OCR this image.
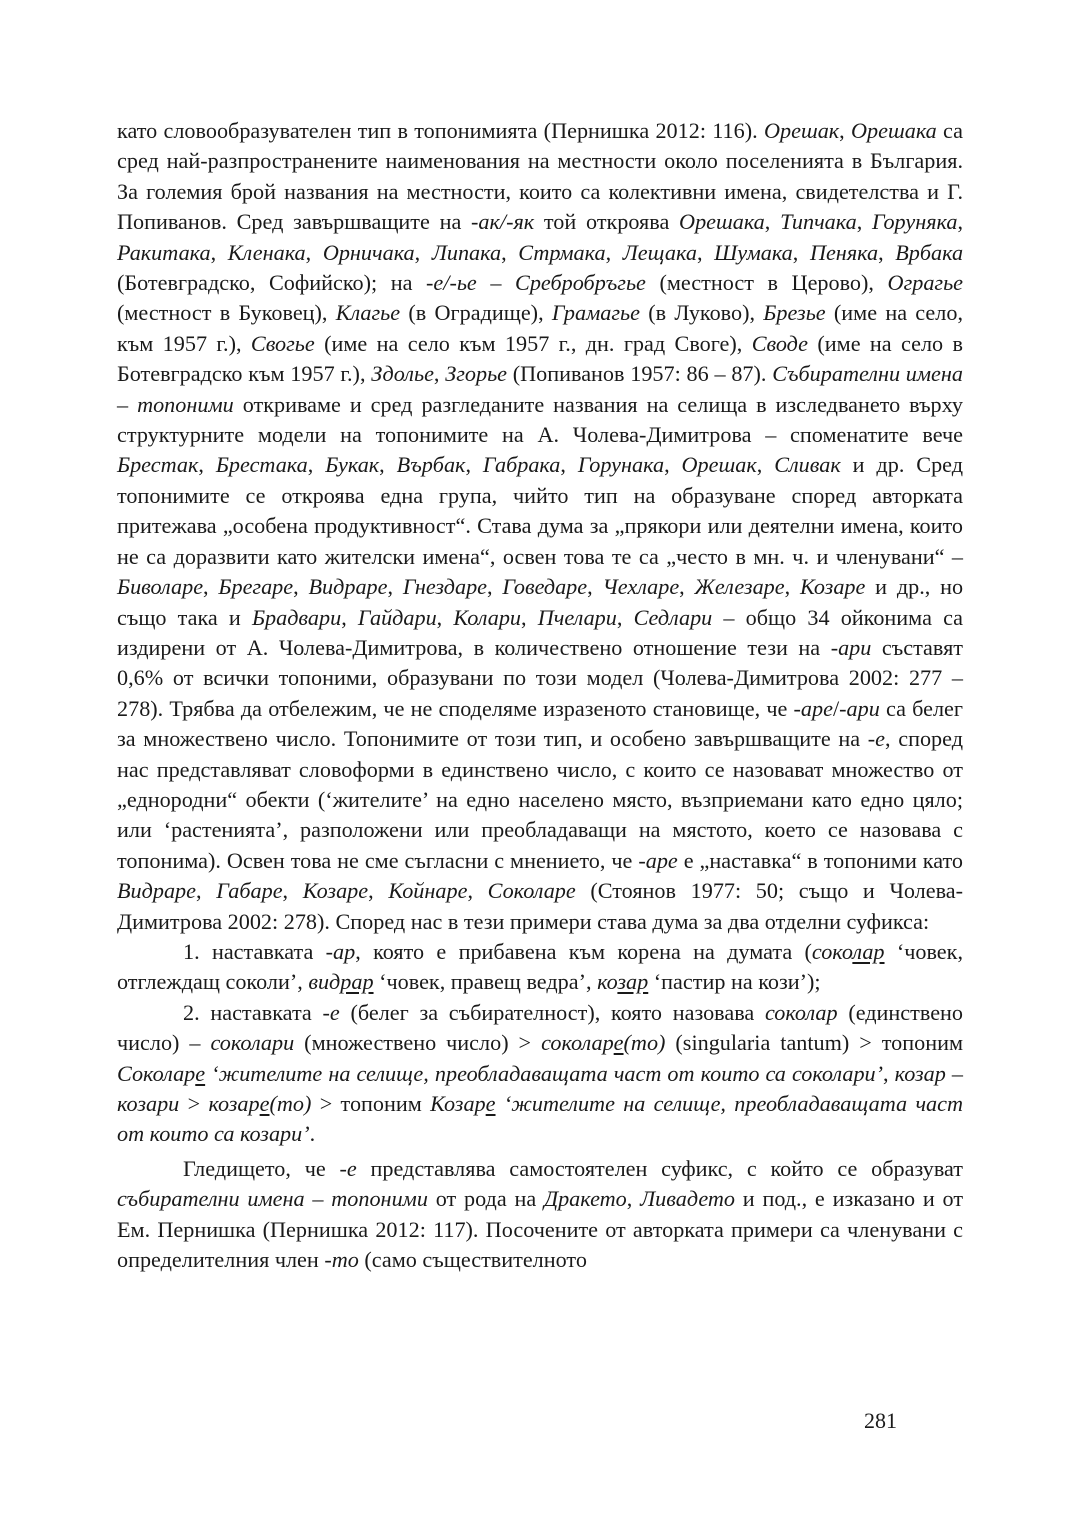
като словообразувателен тип в топонимията (Пернишка 2012: 116). Орешак, Орешака са сред най-разпространените наименования на местности около поселенията в България. За големия брой названия на местности, които са колективни имена, свидетелства и Г. Попиванов. Сред завършващите на -ак/-як той откроява Орешака, Типчака, Горуняка, Ракитака, Кленака, Орничака, Липака, Стрмака, Лещака, Шумака, Пеняка, Врбака (Ботевградско, Софийско); на -е/-ье – Сребробръгье (местност в Церово), Ограгье (местност в Буковец), Клагье (в Оградище), Грамагье (в Луково), Брезье (име на село, към 1957 г.), Свогье (име на село към 1957 г., дн. град Своге), Своде (име на село в Ботевградско към 1957 г.), Здолье, Згорье (Попиванов 1957: 86 – 87). Събирателни имена – топоними откриваме и сред разгледаните названия на селища в изследването върху структурните модели на топонимите на А. Чолева-Димитрова – споменатите вече Брестак, Брестака, Букак, Върбак, Габрака, Горунака, Орешак, Сливак и др. Сред топонимите се откроява една група, чийто тип на образуване според авторката притежава „особена продуктивност“. Става дума за „прякори или деятелни имена, които не са доразвити като жителски имена“, освен това те са „често в мн. ч. и членувани“ – Биволаре, Брегаре, Видраре, Гнездаре, Говедаре, Чехларе, Железаре, Козаре и др., но също така и Брадвари, Гайдари, Колари, Пчелари, Седлари – общо 34 ойконима са издирени от А. Чолева-Димитрова, в количествено отношение тези на -ари съставят 0,6% от всички топоними, образувани по този модел (Чолева-Димитрова 2002: 277 – 278). Трябва да отбележим, че не споделяме изразеното становище, че -аре/-ари са белег за множествено число. Топонимите от този тип, и особено завършващите на -е, според нас представляват словоформи в единствено число, с които се назовават множество от „еднородни“ обекти (‘жителите’ на едно населено място, възприемани като едно цяло; или ‘растенията’, разположени или преобладаващи на мястото, което се назовава с топонима). Освен това не сме съгласни с мнението, че -аре е „наставка“ в топоними като Видраре, Габаре, Козаре, Койнаре, Соколаре (Стоянов 1977: 50; също и Чолева-Димитрова 2002: 278). Според нас в тези примери става дума за два отделни суфикса:

1. наставката -ар, която е прибавена към корена на думата (соколар ‘човек, отглеждащ соколи’, видрар ‘човек, правещ ведра’, козар ‘пастир на кози’);

2. наставката -е (белег за събирателност), която назовава соколар (единствено число) – соколари (множествено число) > соколаре(то) (singularia tantum) > топоним Соколаре ‘жителите на селище, преобладаващата част от които са соколари’, козар – козари > козаре(то) > топоним Козаре ‘жителите на селище, преобладаващата част от които са козари’.

Гледището, че -е представлява самостоятелен суфикс, с който се образуват събирателни имена – топоними от рода на Дракето, Ливадето и под., е изказано и от Ем. Пернишка (Пернишка 2012: 117). Посочените от авторката примери са членувани с определителния член -то (само съществителното

281
